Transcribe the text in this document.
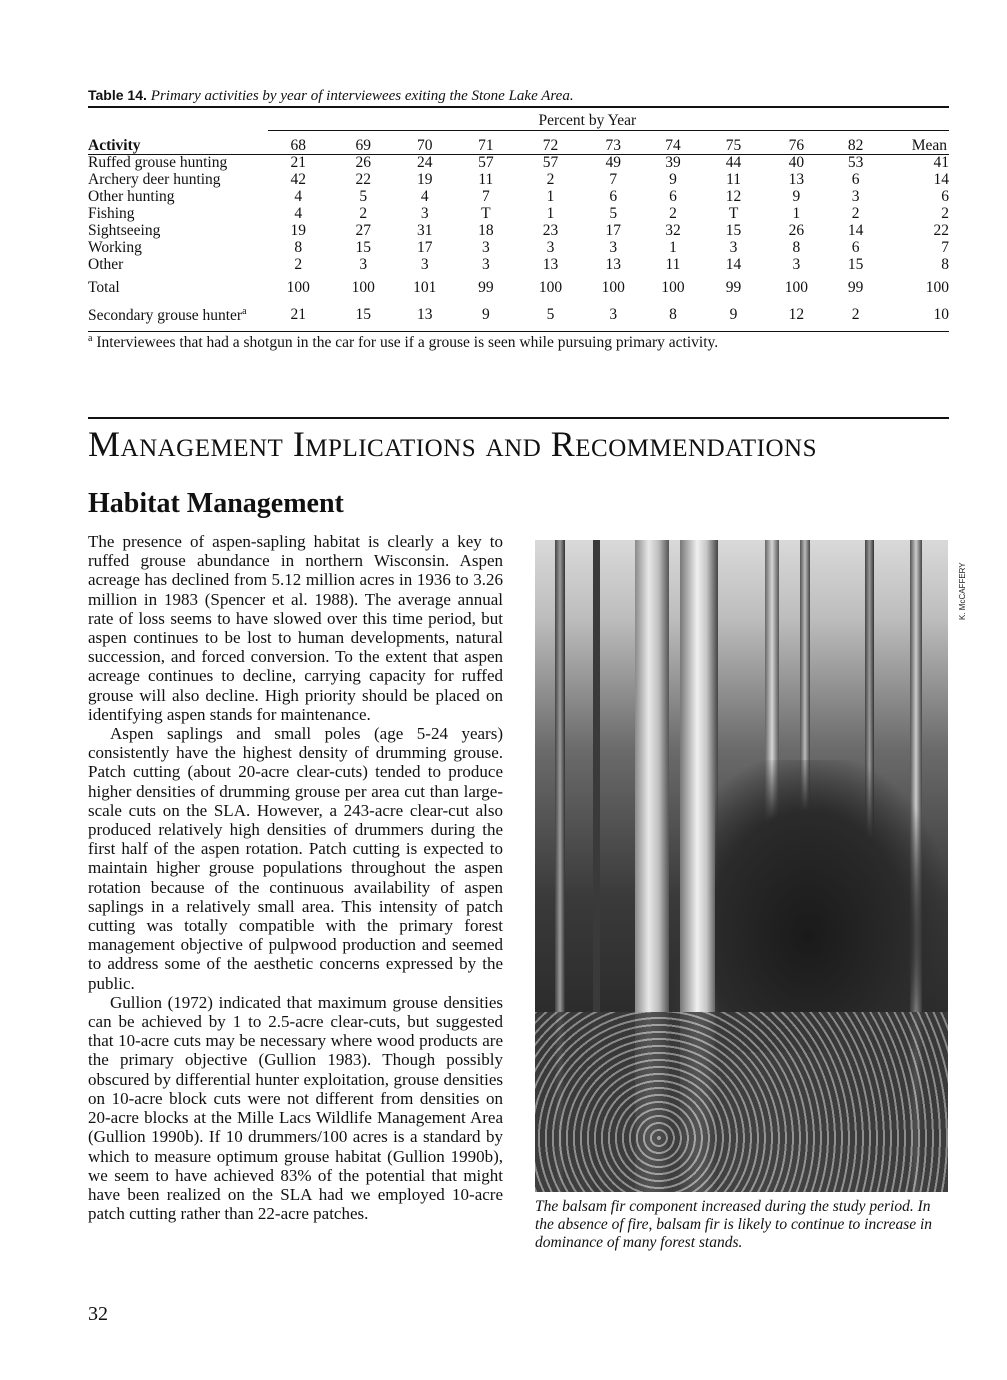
Table 14. Primary activities by year of interviewees exiting the Stone Lake Area.
	Percent by Year										
Activity	68	69	70	71	72	73	74	75	76	82	Mean
Ruffed grouse hunting	21	26	24	57	57	49	39	44	40	53	41
Archery deer hunting	42	22	19	11	2	7	9	11	13	6	14
Other hunting	4	5	4	7	1	6	6	12	9	3	6
Fishing	4	2	3	T	1	5	2	T	1	2	2
Sightseeing	19	27	31	18	23	17	32	15	26	14	22
Working	8	15	17	3	3	3	1	3	8	6	7
Other	2	3	3	3	13	13	11	14	3	15	8
Total	100	100	101	99	100	100	100	99	100	99	100
Secondary grouse hunter$^a$	21	15	13	9	5	3	8	9	12	2	10
$^a$ Interviewees that had a shotgun in the car for use if a grouse is seen while pursuing primary activity.
Management Implications and Recommendations
Habitat Management

The presence of aspen-sapling habitat is clearly a key to ruffed grouse abundance in northern Wisconsin. Aspen acreage has declined from 5.12 million acres in 1936 to 3.26 million in 1983 (Spencer et al. 1988). The average annual rate of loss seems to have slowed over this time period, but aspen continues to be lost to human developments, natural succession, and forced conversion. To the extent that aspen acreage continues to decline, carrying capacity for ruffed grouse will also decline. High priority should be placed on identifying aspen stands for maintenance.

Aspen saplings and small poles (age 5-24 years) consistently have the highest density of drumming grouse. Patch cutting (about 20-acre clear-cuts) tended to produce higher densities of drumming grouse per area cut than large-scale cuts on the SLA. However, a 243-acre clear-cut also produced relatively high densities of drummers during the first half of the aspen rotation. Patch cutting is expected to maintain higher grouse populations throughout the aspen rotation because of the continuous availability of aspen saplings in a relatively small area. This intensity of patch cutting was totally compatible with the primary forest management objective of pulpwood production and seemed to address some of the aesthetic concerns expressed by the public.

Gullion (1972) indicated that maximum grouse densities can be achieved by 1 to 2.5-acre clear-cuts, but suggested that 10-acre cuts may be necessary where wood products are the primary objective (Gullion 1983). Though possibly obscured by differential hunter exploitation, grouse densities on 10-acre block cuts were not different from densities on 20-acre blocks at the Mille Lacs Wildlife Management Area (Gullion 1990b). If 10 drummers/100 acres is a standard by which to measure optimum grouse habitat (Gullion 1990b), we seem to have achieved 83% of the potential that might have been realized on the SLA had we employed 10-acre patch cutting rather than 22-acre patches.

K. McCAFFERY
The balsam fir component increased during the study period. In the absence of fire, balsam fir is likely to continue to increase in dominance of many forest stands.
32
